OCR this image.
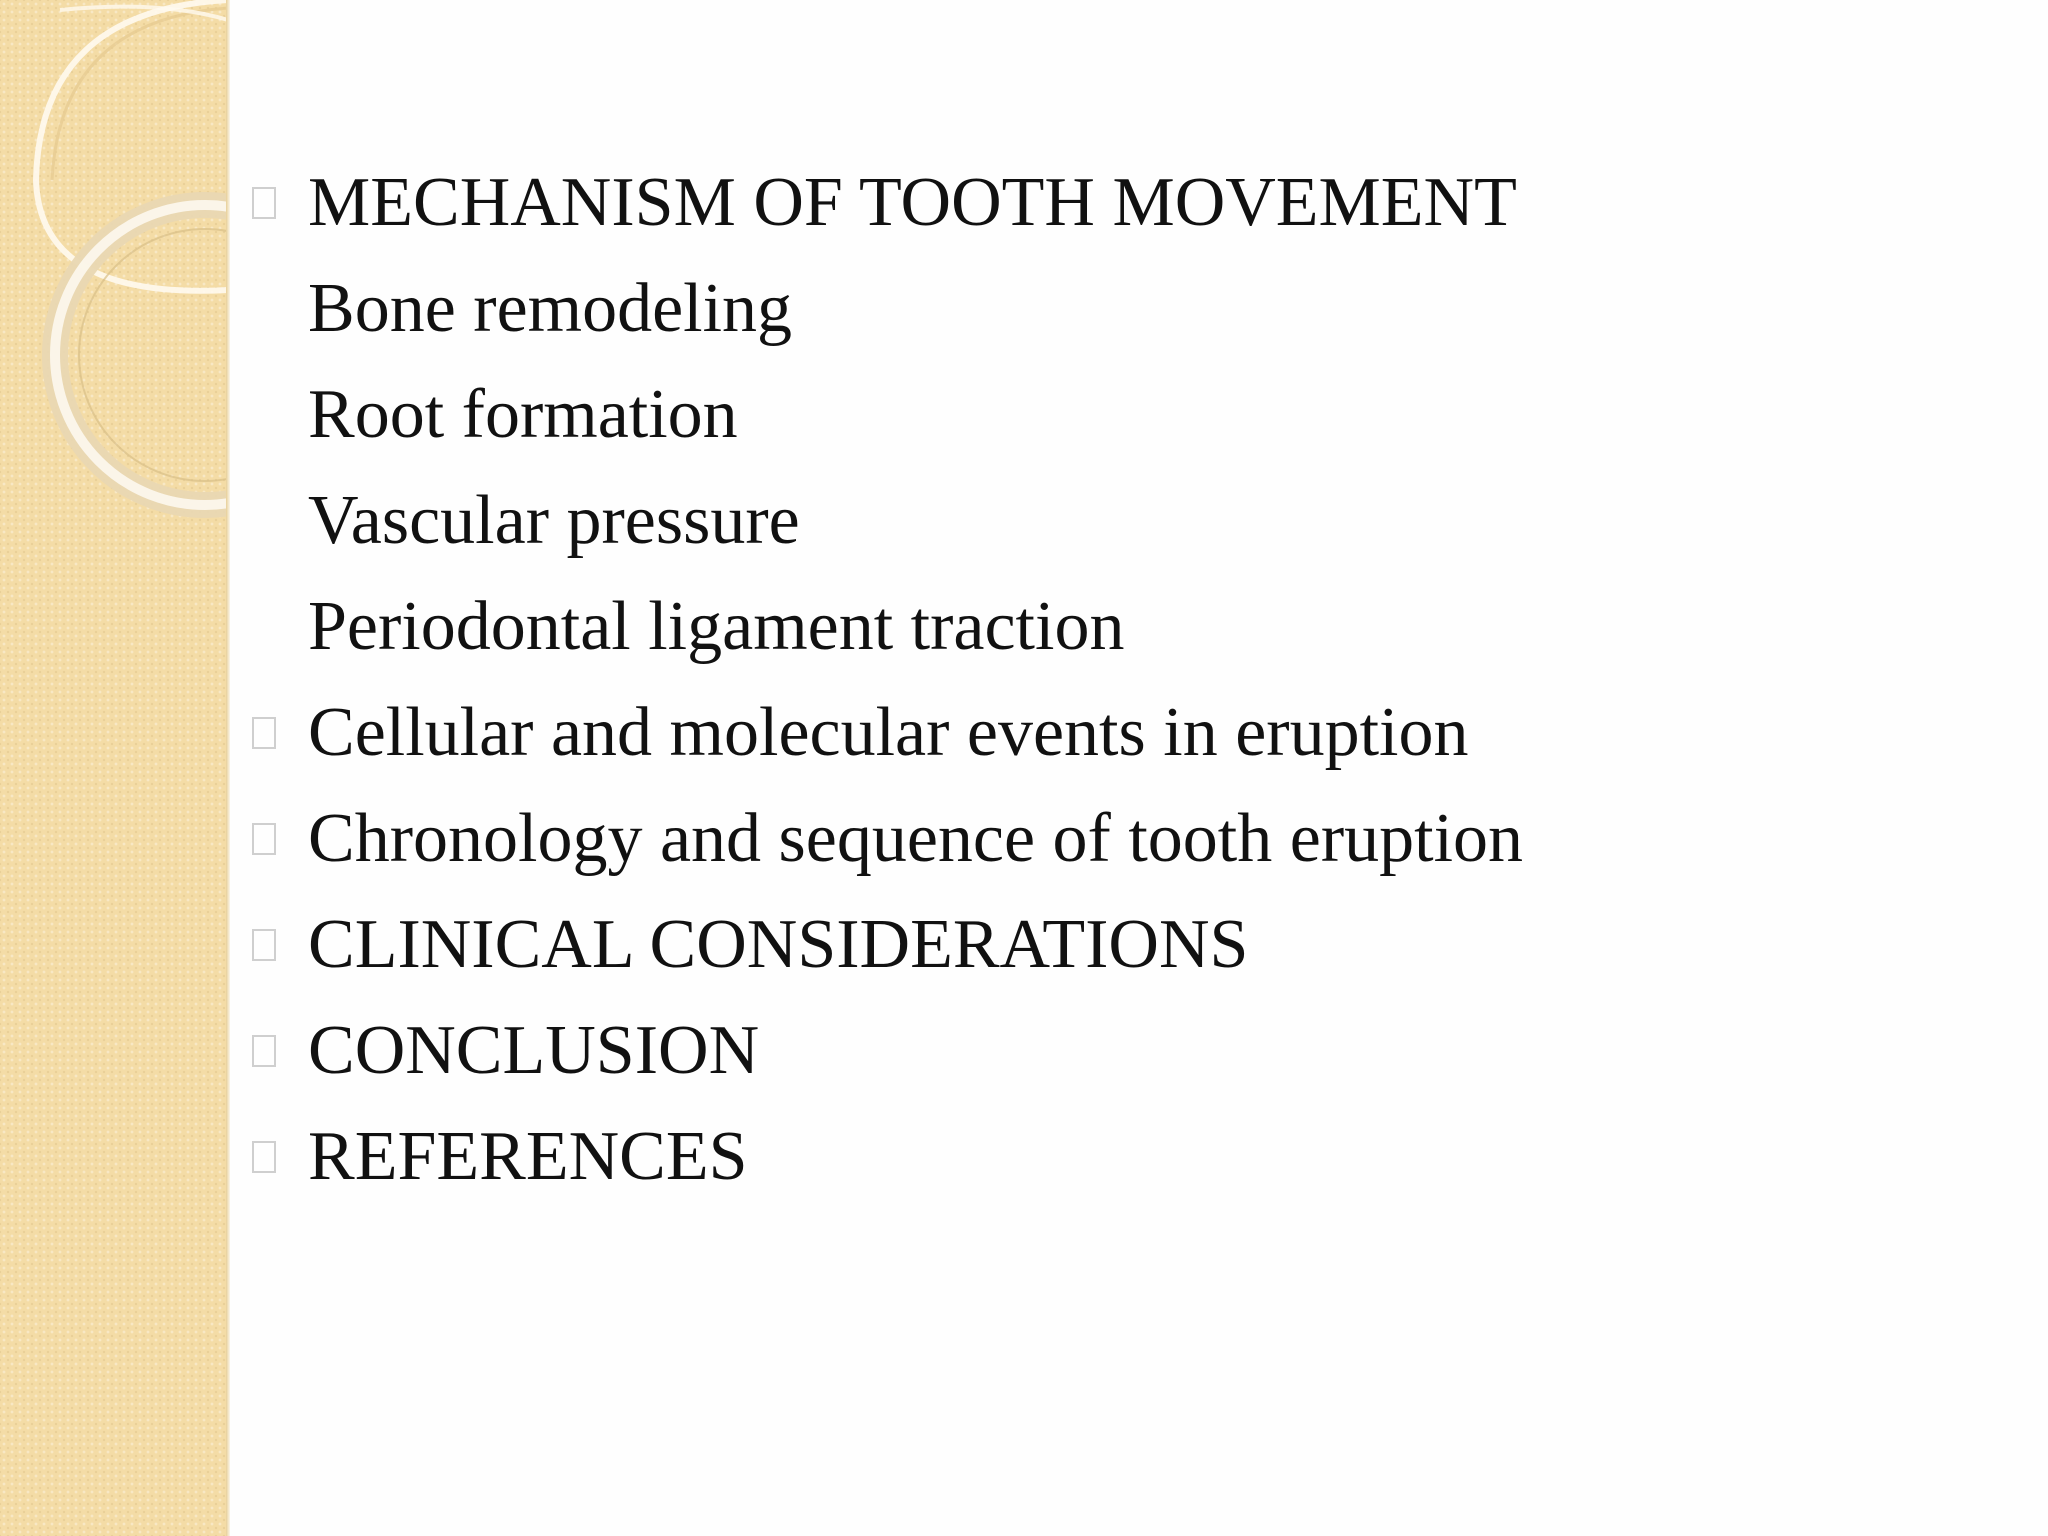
MECHANISM OF TOOTH MOVEMENT
Bone remodeling
Root formation
Vascular pressure
Periodontal ligament traction
Cellular and molecular events in eruption
Chronology and sequence of tooth eruption
CLINICAL CONSIDERATIONS
CONCLUSION
REFERENCES
